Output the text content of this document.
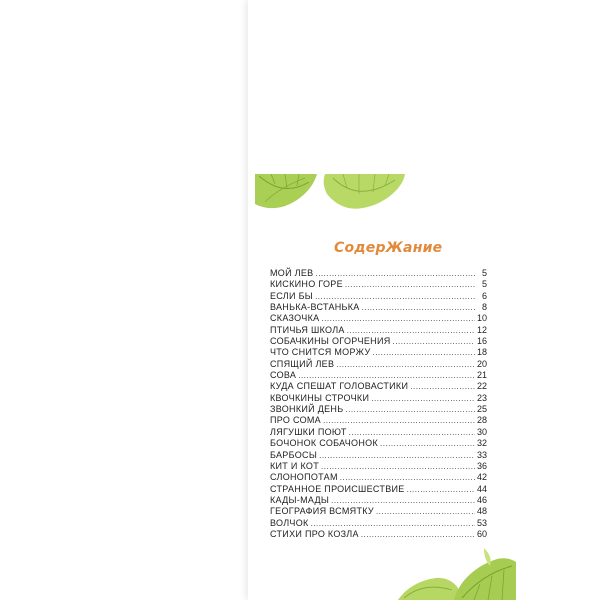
СодерЖание
МОЙ ЛЕВ .....	5
КИСКИНО ГОРЕ .....	5
ЕСЛИ БЫ .....	6
ВАНЬКА-ВСТАНЬКА .....	8
СКАЗОЧКА .....	10
ПТИЧЬЯ ШКОЛА .....	12
СОБАЧКИНЫ ОГОРЧЕНИЯ .....	16
ЧТО СНИТСЯ МОРЖУ .....	18
СПЯЩИЙ ЛЕВ .....	20
СОВА .....	21
КУДА СПЕШАТ ГОЛОВАСТИКИ .....	22
КВОЧКИНЫ СТРОЧКИ .....	23
ЗВОНКИЙ ДЕНЬ .....	25
ПРО СОМА .....	28
ЛЯГУШКИ ПОЮТ .....	30
БОЧОНОК СОБАЧОНОК .....	32
БАРБОСЫ .....	33
КИТ И КОТ .....	36
СЛОНОПОТАМ .....	42
СТРАННОЕ ПРОИСШЕСТВИЕ .....	44
КАДЫ-МАДЫ .....	46
ГЕОГРАФИЯ ВСМЯТКУ .....	48
ВОЛЧОК .....	53
СТИХИ ПРО КОЗЛА .....	60
